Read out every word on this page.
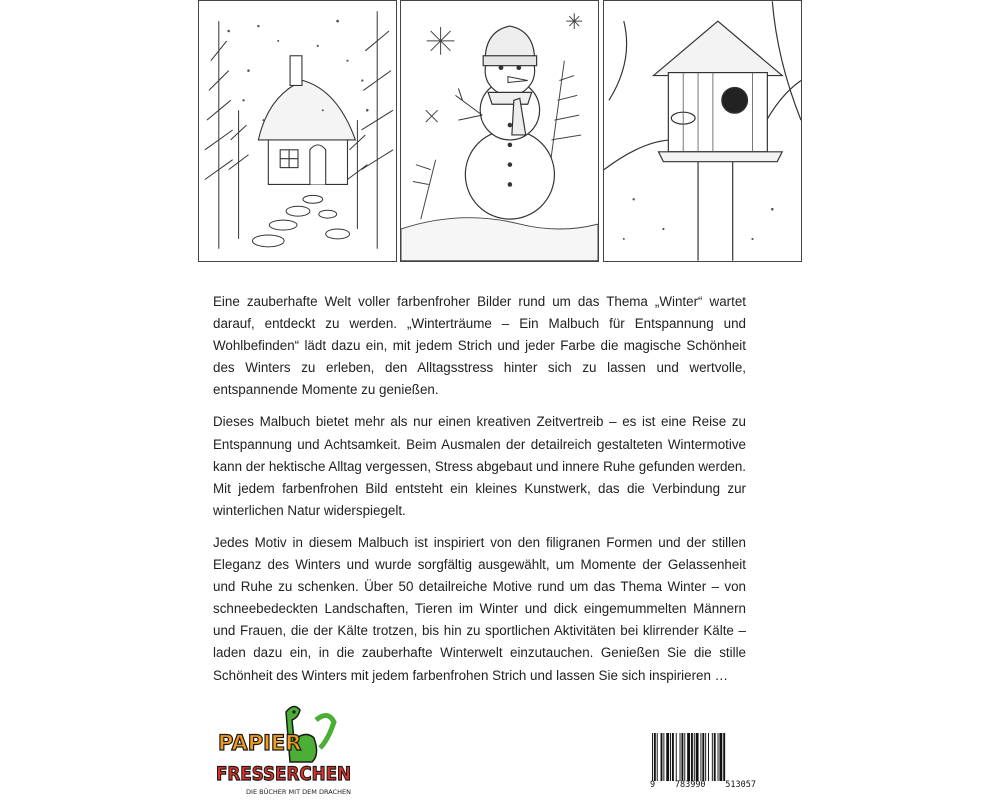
Eine zauberhafte Welt voller farbenfroher Bilder rund um das Thema „Winter“ wartet darauf, entdeckt zu werden. „Winterträume – Ein Malbuch für Entspannung und Wohlbefinden“ lädt dazu ein, mit jedem Strich und jeder Farbe die magische Schönheit des Winters zu erleben, den Alltagsstress hinter sich zu lassen und wertvolle, entspannende Momente zu genießen.

Dieses Malbuch bietet mehr als nur einen kreativen Zeitvertreib – es ist eine Reise zu Entspannung und Achtsamkeit. Beim Ausmalen der detailreich gestalteten Wintermotive kann der hektische Alltag vergessen, Stress abgebaut und innere Ruhe gefunden werden. Mit jedem farbenfrohen Bild entsteht ein kleines Kunstwerk, das die Verbindung zur winterlichen Natur widerspiegelt.

Jedes Motiv in diesem Malbuch ist inspiriert von den filigranen Formen und der stillen Eleganz des Winters und wurde sorgfältig ausgewählt, um Momente der Gelassenheit und Ruhe zu schenken. Über 50 detailreiche Motive rund um das Thema Winter – von schneebedeckten Landschaften, Tieren im Winter und dick eingemummelten Männern und Frauen, die der Kälte trotzen, bis hin zu sportlichen Aktivitäten bei klirrender Kälte – laden dazu ein, in die zauberhafte Winterwelt einzutauchen. Genießen Sie die stille Schönheit des Winters mit jedem farbenfrohen Strich und lassen Sie sich inspirieren …

PAPIER
FRESSERCHEN
DIE BÜCHER MIT DEM DRACHEN
9 783990 513057
